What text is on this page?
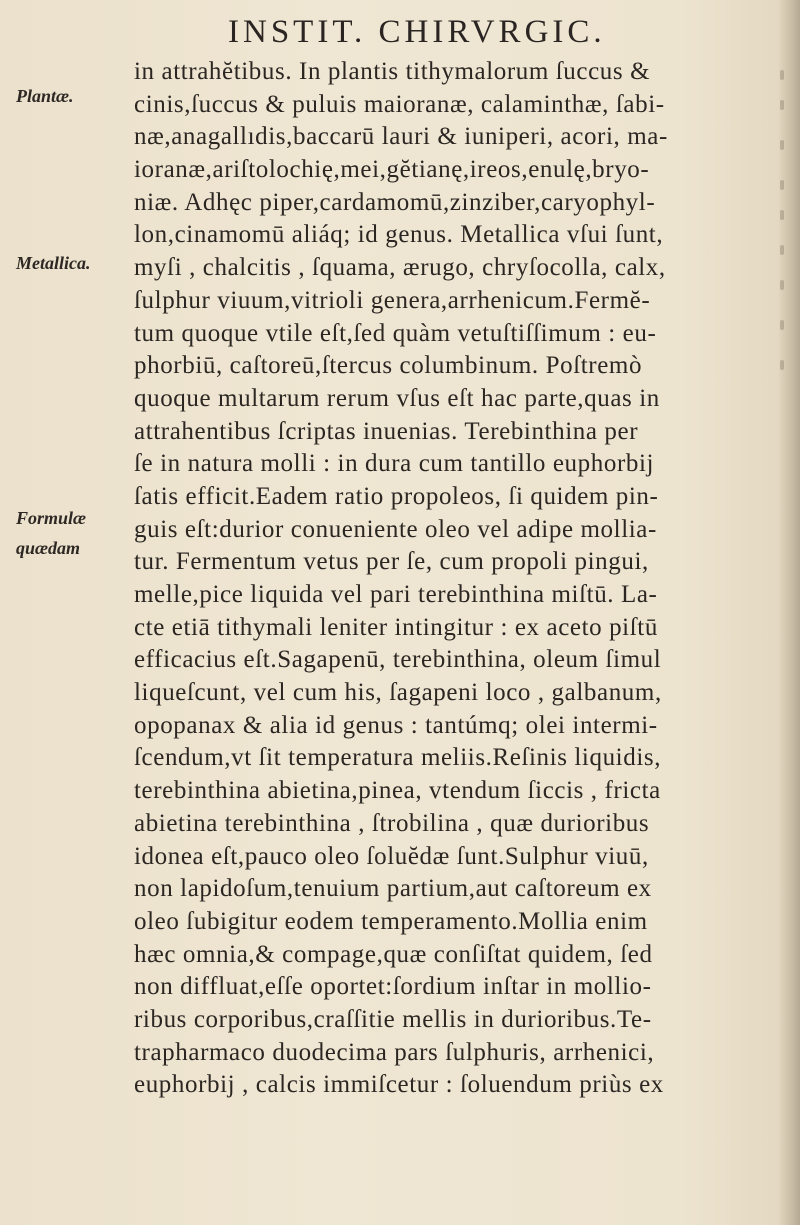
INSTIT. CHIRVRGIC.
Plantæ.
Metallica.
Formulæ
quædam
in attrahĕtibus. In plantis tithymalorum ſuccus &
cinis,ſuccus & puluis maioranæ, calaminthæ, ſabi-
næ,anagallıdis,baccarū lauri & iuniperi, acori, ma-
ioranæ,ariſtolochię,mei,gĕtianę,ireos,enulę,bryo-
niæ. Adhęc piper,cardamomū,zinziber,caryophyl-
lon,cinamomū aliáq; id genus. Metallica vſui ſunt,
myſi , chalcitis , ſquama, ærugo, chryſocolla, calx,
ſulphur viuum,vitrioli genera,arrhenicum.Fermĕ-
tum quoque vtile eſt,ſed quàm vetuſtiſſimum : eu-
phorbiū, caſtoreū,ſtercus columbinum. Poſtremò
quoque multarum rerum vſus eſt hac parte,quas in
attrahentibus ſcriptas inuenias. Terebinthina per
ſe in natura molli : in dura cum tantillo euphorbij
ſatis efficit.Eadem ratio propoleos, ſi quidem pin-
guis eſt:durior conueniente oleo vel adipe mollia-
tur. Fermentum vetus per ſe, cum propoli pingui,
melle,pice liquida vel pari terebinthina miſtū. La-
cte etiā tithymali leniter intingitur : ex aceto piſtū
efficacius eſt.Sagapenū, terebinthina, oleum ſimul
liqueſcunt, vel cum his, ſagapeni loco , galbanum,
opopanax & alia id genus : tantúmq; olei intermi-
ſcendum,vt ſit temperatura meliis.Reſinis liquidis,
terebinthina abietina,pinea, vtendum ſiccis , fricta
abietina terebinthina , ſtrobilina , quæ durioribus
idonea eſt,pauco oleo ſoluĕdæ ſunt.Sulphur viuū,
non lapidoſum,tenuium partium,aut caſtoreum ex
oleo ſubigitur eodem temperamento.Mollia enim
hæc omnia,& compage,quæ conſiſtat quidem, ſed
non diffluat,eſſe oportet:ſordium inſtar in mollio-
ribus corporibus,craſſitie mellis in durioribus.Te-
trapharmaco duodecima pars ſulphuris, arrhenici,
euphorbij , calcis immiſcetur : ſoluendum priùs ex
